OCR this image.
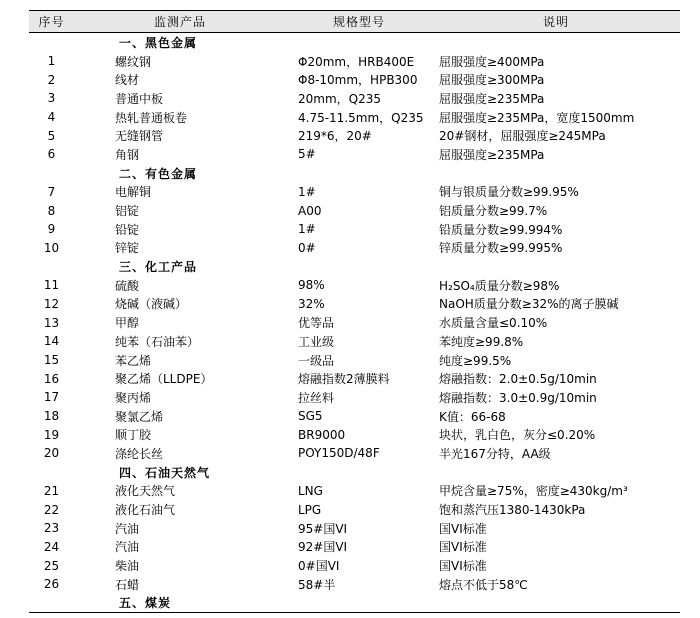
序号	监测产品	规格型号	说明
	一、黑色金属		
1	螺纹钢	Φ20mm，HRB400E	屈服强度≥400MPa
2	线材	Φ8-10mm，HPB300	屈服强度≥300MPa
3	普通中板	20mm，Q235	屈服强度≥235MPa
4	热轧普通板卷	4.75-11.5mm，Q235	屈服强度≥235MPa，宽度1500mm
5	无缝钢管	219*6，20#	20#钢材，屈服强度≥245MPa
6	角钢	5#	屈服强度≥235MPa
	二、有色金属		
7	电解铜	1#	铜与银质量分数≥99.95%
8	铝锭	A00	铝质量分数≥99.7%
9	铅锭	1#	铅质量分数≥99.994%
10	锌锭	0#	锌质量分数≥99.995%
	三、化工产品		
11	硫酸	98%	H₂SO₄质量分数≥98%
12	烧碱（液碱）	32%	NaOH质量分数≥32%的离子膜碱
13	甲醇	优等品	水质量含量≤0.10%
14	纯苯（石油苯）	工业级	苯纯度≥99.8%
15	苯乙烯	一级品	纯度≥99.5%
16	聚乙烯（LLDPE）	熔融指数2薄膜料	熔融指数：2.0±0.5g/10min
17	聚丙烯	拉丝料	熔融指数：3.0±0.9g/10min
18	聚氯乙烯	SG5	K值：66-68
19	顺丁胶	BR9000	块状，乳白色，灰分≤0.20%
20	涤纶长丝	POY150D/48F	半光167分特，AA级
	四、石油天然气		
21	液化天然气	LNG	甲烷含量≥75%，密度≥430kg/m³
22	液化石油气	LPG	饱和蒸汽压1380-1430kPa
23	汽油	95#国VI	国VI标准
24	汽油	92#国VI	国VI标准
25	柴油	0#国VI	国VI标准
26	石蜡	58#半	熔点不低于58℃
	五、煤炭		
